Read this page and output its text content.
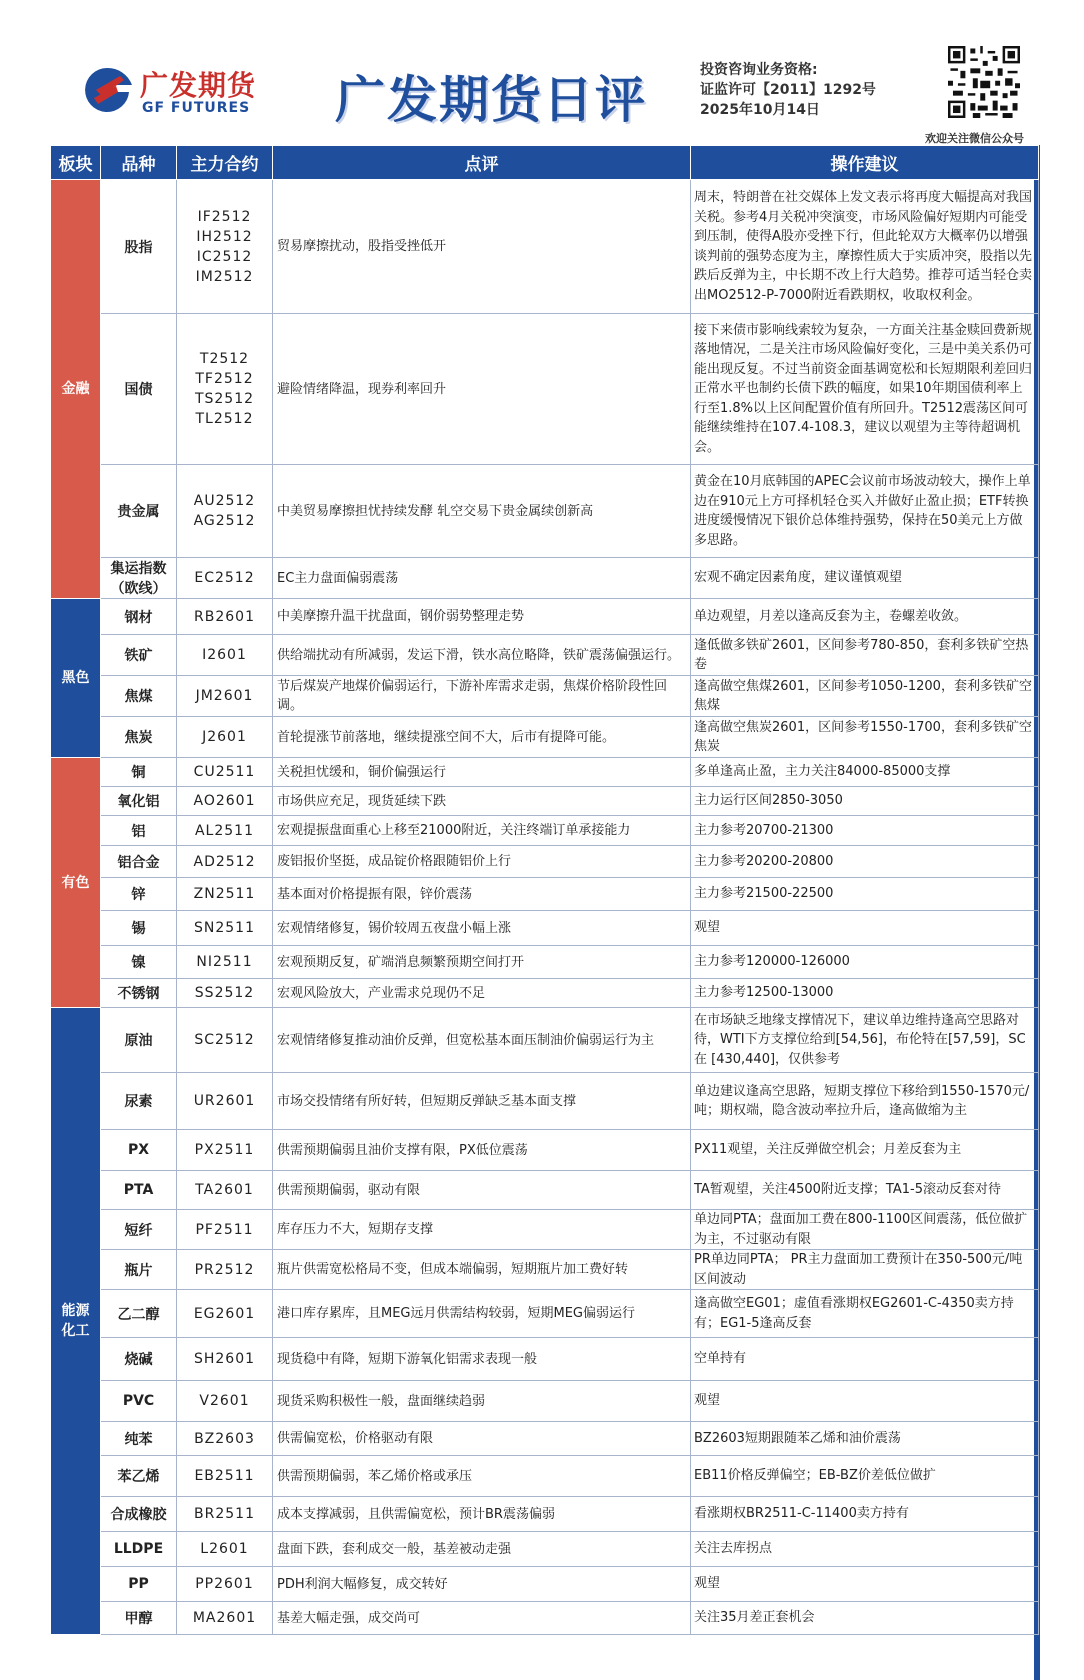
广发期货
GF FUTURES 广发期货日评
投资咨询业务资格:
证监许可【2011】1292号
2025年10月14日
欢迎关注微信公众号
板块	品种	主力合约	点评	操作建议
金融	股指	IF2512
IH2512
IC2512
IM2512	贸易摩擦扰动，股指受挫低开	周末，特朗普在社交媒体上发文表示将再度大幅提高对我国关税。参考4月关税冲突演变，市场风险偏好短期内可能受到压制，使得A股亦受挫下行，但此轮双方大概率仍以增强谈判前的强势态度为主，摩擦性质大于实质冲突，股指以先跌后反弹为主，中长期不改上行大趋势。推荐可适当轻仓卖出MO2512-P-7000附近看跌期权，收取权利金。
	国债	T2512
TF2512
TS2512
TL2512	避险情绪降温，现券利率回升	接下来债市影响线索较为复杂，一方面关注基金赎回费新规落地情况，二是关注市场风险偏好变化，三是中美关系仍可能出现反复。不过当前资金面基调宽松和长短期限利差回归正常水平也制约长债下跌的幅度，如果10年期国债利率上行至1.8%以上区间配置价值有所回升。T2512震荡区间可能继续维持在107.4-108.3，建议以观望为主等待超调机会。
	贵金属	AU2512
AG2512	中美贸易摩擦担忧持续发酵 轧空交易下贵金属续创新高	黄金在10月底韩国的APEC会议前市场波动较大，操作上单边在910元上方可择机轻仓买入并做好止盈止损；ETF转换进度缓慢情况下银价总体维持强势，保持在50美元上方做多思路。
	集运指数
（欧线）	EC2512	EC主力盘面偏弱震荡	宏观不确定因素角度，建议谨慎观望
黑色	钢材	RB2601	中美摩擦升温干扰盘面，钢价弱势整理走势	单边观望，月差以逢高反套为主，卷螺差收敛。
	铁矿	I2601	供给端扰动有所减弱，发运下滑，铁水高位略降，铁矿震荡偏强运行。	逢低做多铁矿2601，区间参考780-850，套利多铁矿空热卷
	焦煤	JM2601	节后煤炭产地煤价偏弱运行，下游补库需求走弱，焦煤价格阶段性回调。	逢高做空焦煤2601，区间参考1050-1200，套利多铁矿空焦煤
	焦炭	J2601	首轮提涨节前落地，继续提涨空间不大，后市有提降可能。	逢高做空焦炭2601，区间参考1550-1700，套利多铁矿空焦炭
有色	铜	CU2511	关税担忧缓和，铜价偏强运行	多单逢高止盈，主力关注84000-85000支撑
	氧化铝	AO2601	市场供应充足，现货延续下跌	主力运行区间2850-3050
	铝	AL2511	宏观提振盘面重心上移至21000附近，关注终端订单承接能力	主力参考20700-21300
	铝合金	AD2512	废铝报价坚挺，成品锭价格跟随铝价上行	主力参考20200-20800
	锌	ZN2511	基本面对价格提振有限，锌价震荡	主力参考21500-22500
	锡	SN2511	宏观情绪修复，锡价较周五夜盘小幅上涨	观望
	镍	NI2511	宏观预期反复，矿端消息频繁预期空间打开	主力参考120000-126000
	不锈钢	SS2512	宏观风险放大，产业需求兑现仍不足	主力参考12500-13000
能源
化工	原油	SC2512	宏观情绪修复推动油价反弹，但宽松基本面压制油价偏弱运行为主	在市场缺乏地缘支撑情况下，建议单边维持逢高空思路对待，WTI下方支撑位给到[54,56]，布伦特在[57,59]，SC在 [430,440]，仅供参考
	尿素	UR2601	市场交投情绪有所好转，但短期反弹缺乏基本面支撑	单边建议逢高空思路，短期支撑位下移给到1550-1570元/吨；期权端，隐含波动率拉升后，逢高做缩为主
	PX	PX2511	供需预期偏弱且油价支撑有限，PX低位震荡	PX11观望，关注反弹做空机会；月差反套为主
	PTA	TA2601	供需预期偏弱，驱动有限	TA暂观望，关注4500附近支撑；TA1-5滚动反套对待
	短纤	PF2511	库存压力不大，短期存支撑	单边同PTA；盘面加工费在800-1100区间震荡，低位做扩为主，不过驱动有限
	瓶片	PR2512	瓶片供需宽松格局不变，但成本端偏弱，短期瓶片加工费好转	PR单边同PTA； PR主力盘面加工费预计在350-500元/吨区间波动
	乙二醇	EG2601	港口库存累库，且MEG远月供需结构较弱，短期MEG偏弱运行	逢高做空EG01；虚值看涨期权EG2601-C-4350卖方持有；EG1-5逢高反套
	烧碱	SH2601	现货稳中有降，短期下游氧化铝需求表现一般	空单持有
	PVC	V2601	现货采购积极性一般，盘面继续趋弱	观望
	纯苯	BZ2603	供需偏宽松，价格驱动有限	BZ2603短期跟随苯乙烯和油价震荡
	苯乙烯	EB2511	供需预期偏弱，苯乙烯价格或承压	EB11价格反弹偏空；EB-BZ价差低位做扩
	合成橡胶	BR2511	成本支撑减弱，且供需偏宽松，预计BR震荡偏弱	看涨期权BR2511-C-11400卖方持有
	LLDPE	L2601	盘面下跌，套利成交一般，基差被动走强	关注去库拐点
	PP	PP2601	PDH利润大幅修复，成交转好	观望
	甲醇	MA2601	基差大幅走强，成交尚可	关注35月差正套机会
